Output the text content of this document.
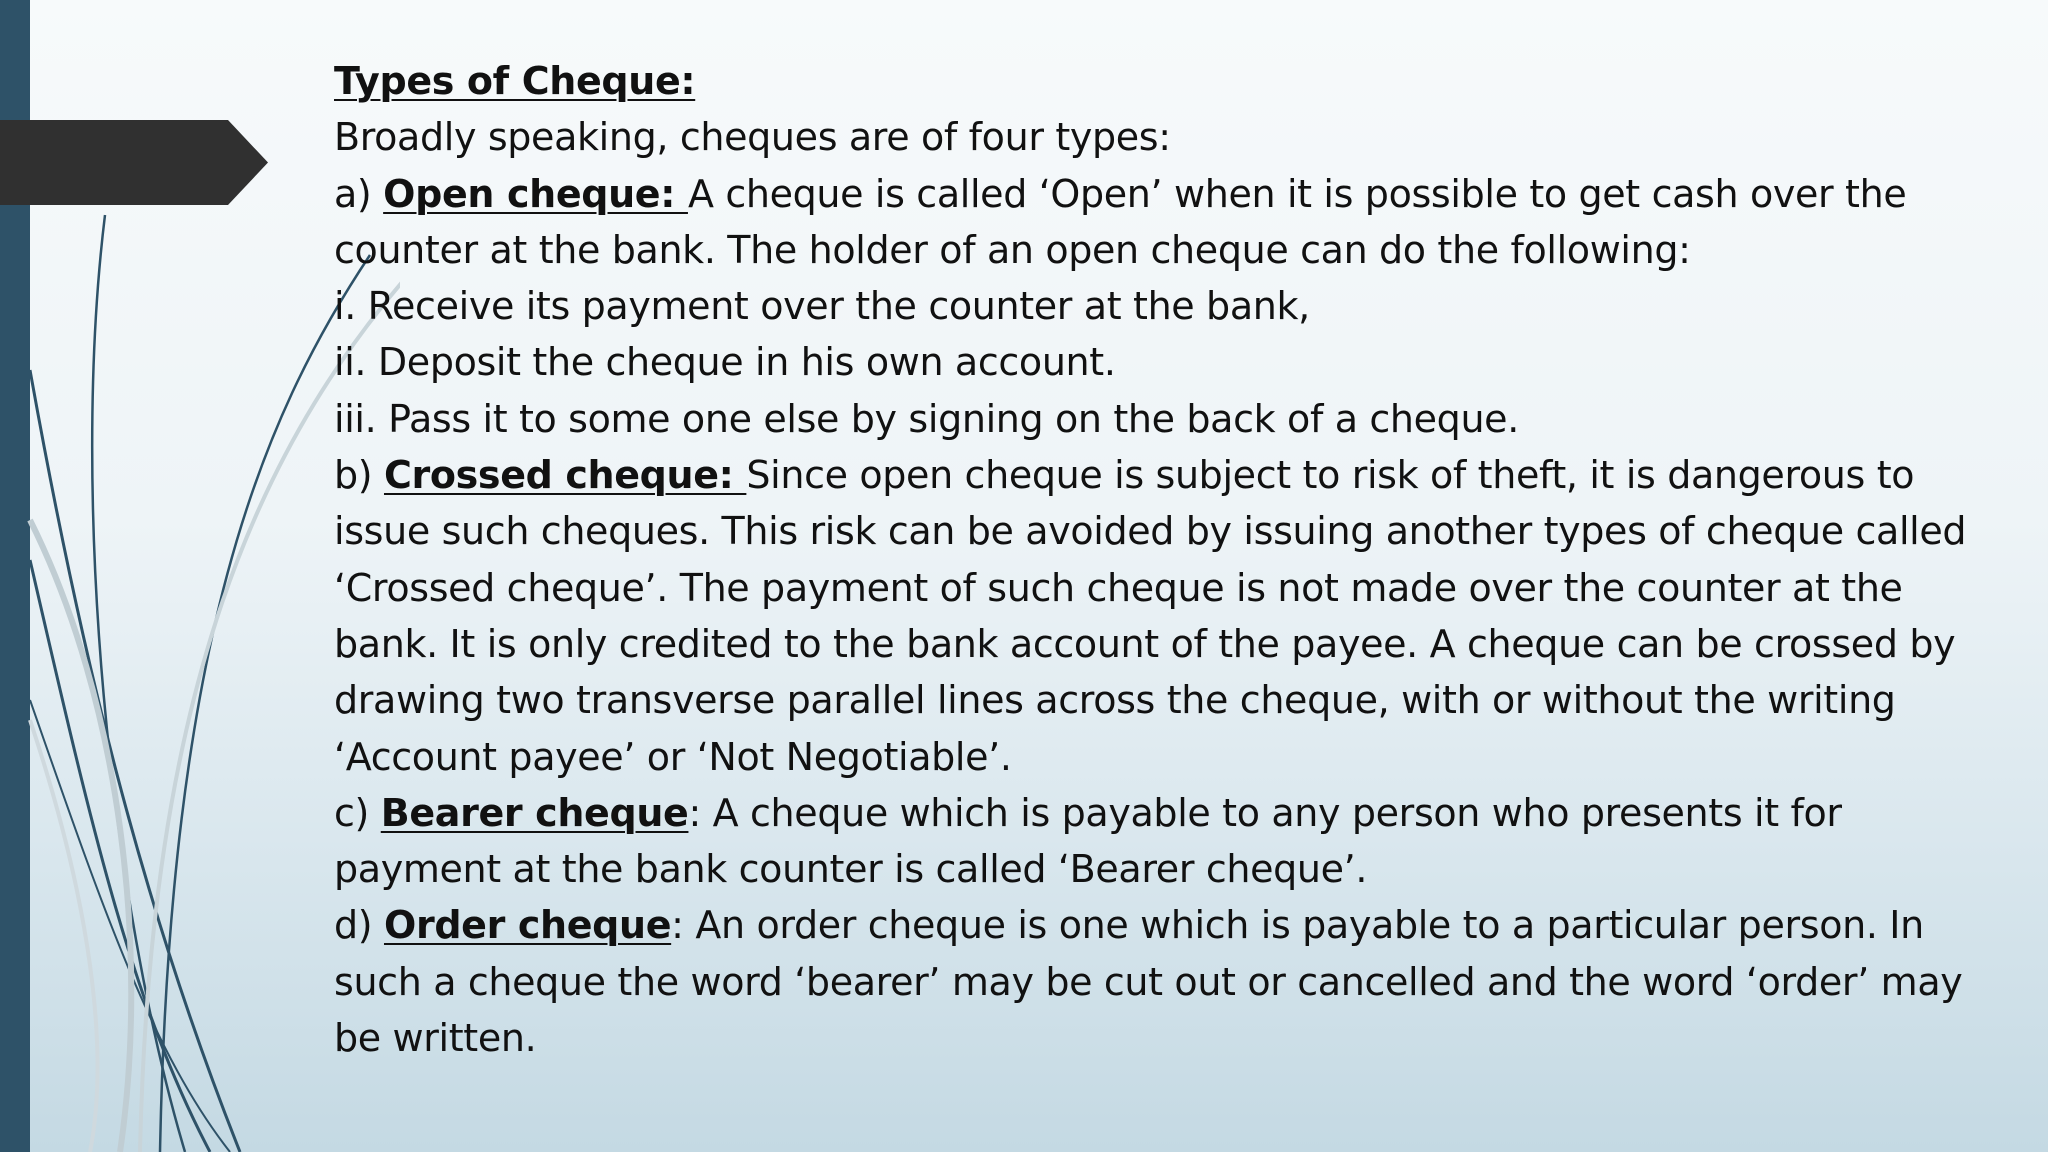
Types of Cheque:
Broadly speaking, cheques are of four types:
a) Open cheque: A cheque is called ‘Open’ when it is possible to get cash over the
counter at the bank. The holder of an open cheque can do the following:
i. Receive its payment over the counter at the bank,
ii. Deposit the cheque in his own account.
iii. Pass it to some one else by signing on the back of a cheque.
b) Crossed cheque: Since open cheque is subject to risk of theft, it is dangerous to
issue such cheques. This risk can be avoided by issuing another types of cheque called
‘Crossed cheque’. The payment of such cheque is not made over the counter at the
bank. It is only credited to the bank account of the payee. A cheque can be crossed by
drawing two transverse parallel lines across the cheque, with or without the writing
‘Account payee’ or ‘Not Negotiable’.
c) Bearer cheque: A cheque which is payable to any person who presents it for
payment at the bank counter is called ‘Bearer cheque’.
d) Order cheque: An order cheque is one which is payable to a particular person. In
such a cheque the word ‘bearer’ may be cut out or cancelled and the word ‘order’ may
be written.
